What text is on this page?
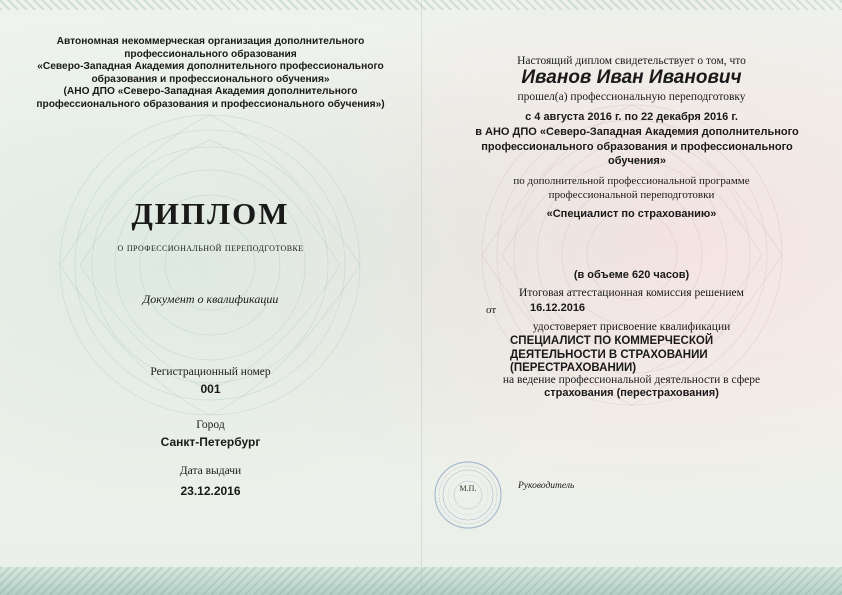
Автономная некоммерческая организация дополнительного
профессионального образования
«Северо-Западная Академия дополнительного профессионального
образования и профессионального обучения»
(АНО ДПО «Северо-Западная Академия дополнительного
профессионального образования и профессионального обучения»)
ДИПЛОМ
о профессиональной переподготовке
Документ о квалификации
Регистрационный номер
001
Город
Санкт-Петербург
Дата выдачи
23.12.2016
Настоящий диплом свидетельствует о том, что
Иванов Иван Иванович
прошел(а) профессиональную переподготовку
с 4 августа 2016 г. по 22 декабря 2016 г.
в АНО ДПО «Северо-Западная Академия дополнительного
профессионального образования и профессионального
обучения»
по дополнительной профессиональной программе
профессиональной переподготовки
«Специалист по страхованию»
(в объеме 620 часов)
Итоговая аттестационная комиссия решением
от	16.12.2016
удостоверяет присвоение квалификации
СПЕЦИАЛИСТ ПО КОММЕРЧЕСКОЙ
ДЕЯТЕЛЬНОСТИ В СТРАХОВАНИИ
(ПЕРЕСТРАХОВАНИИ)
на ведение профессиональной деятельности в сфере
страхования (перестрахования)
М.П.	Руководитель
